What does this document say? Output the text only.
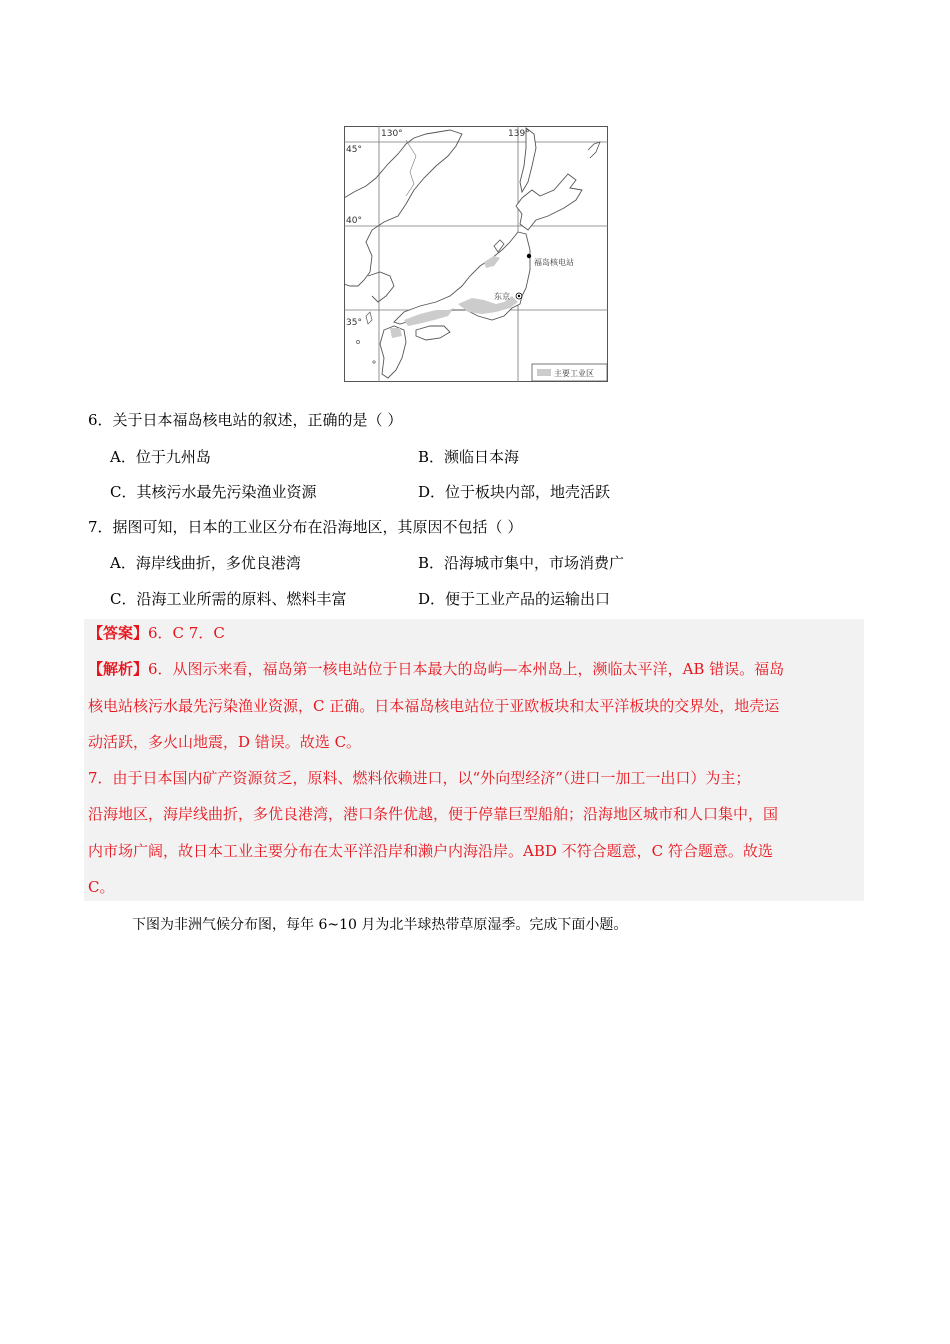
福岛核电站
东京
130°	139°
45°
40°
35°
主要工业区
6．关于日本福岛核电站的叙述，正确的是（ ）
A．位于九州岛	B．濒临日本海
C．其核污水最先污染渔业资源	D．位于板块内部，地壳活跃
7．据图可知，日本的工业区分布在沿海地区，其原因不包括（ ）
A．海岸线曲折，多优良港湾	B．沿海城市集中，市场消费广
C．沿海工业所需的原料、燃料丰富	D．便于工业产品的运输出口
【答案】6．C 7．C
【解析】6．从图示来看，福岛第一核电站位于日本最大的岛屿—本州岛上，濒临太平洋，AB 错误。福岛
核电站核污水最先污染渔业资源，C 正确。日本福岛核电站位于亚欧板块和太平洋板块的交界处，地壳运
动活跃，多火山地震，D 错误。故选 C。
7．由于日本国内矿产资源贫乏，原料、燃料依赖进口，以“外向型经济”（进口一加工一出口）为主；
沿海地区，海岸线曲折，多优良港湾，港口条件优越，便于停靠巨型船舶；沿海地区城市和人口集中，国
内市场广阔，故日本工业主要分布在太平洋沿岸和濑户内海沿岸。ABD 不符合题意，C 符合题意。故选
C。
下图为非洲气候分布图，每年 6~10 月为北半球热带草原湿季。完成下面小题。
